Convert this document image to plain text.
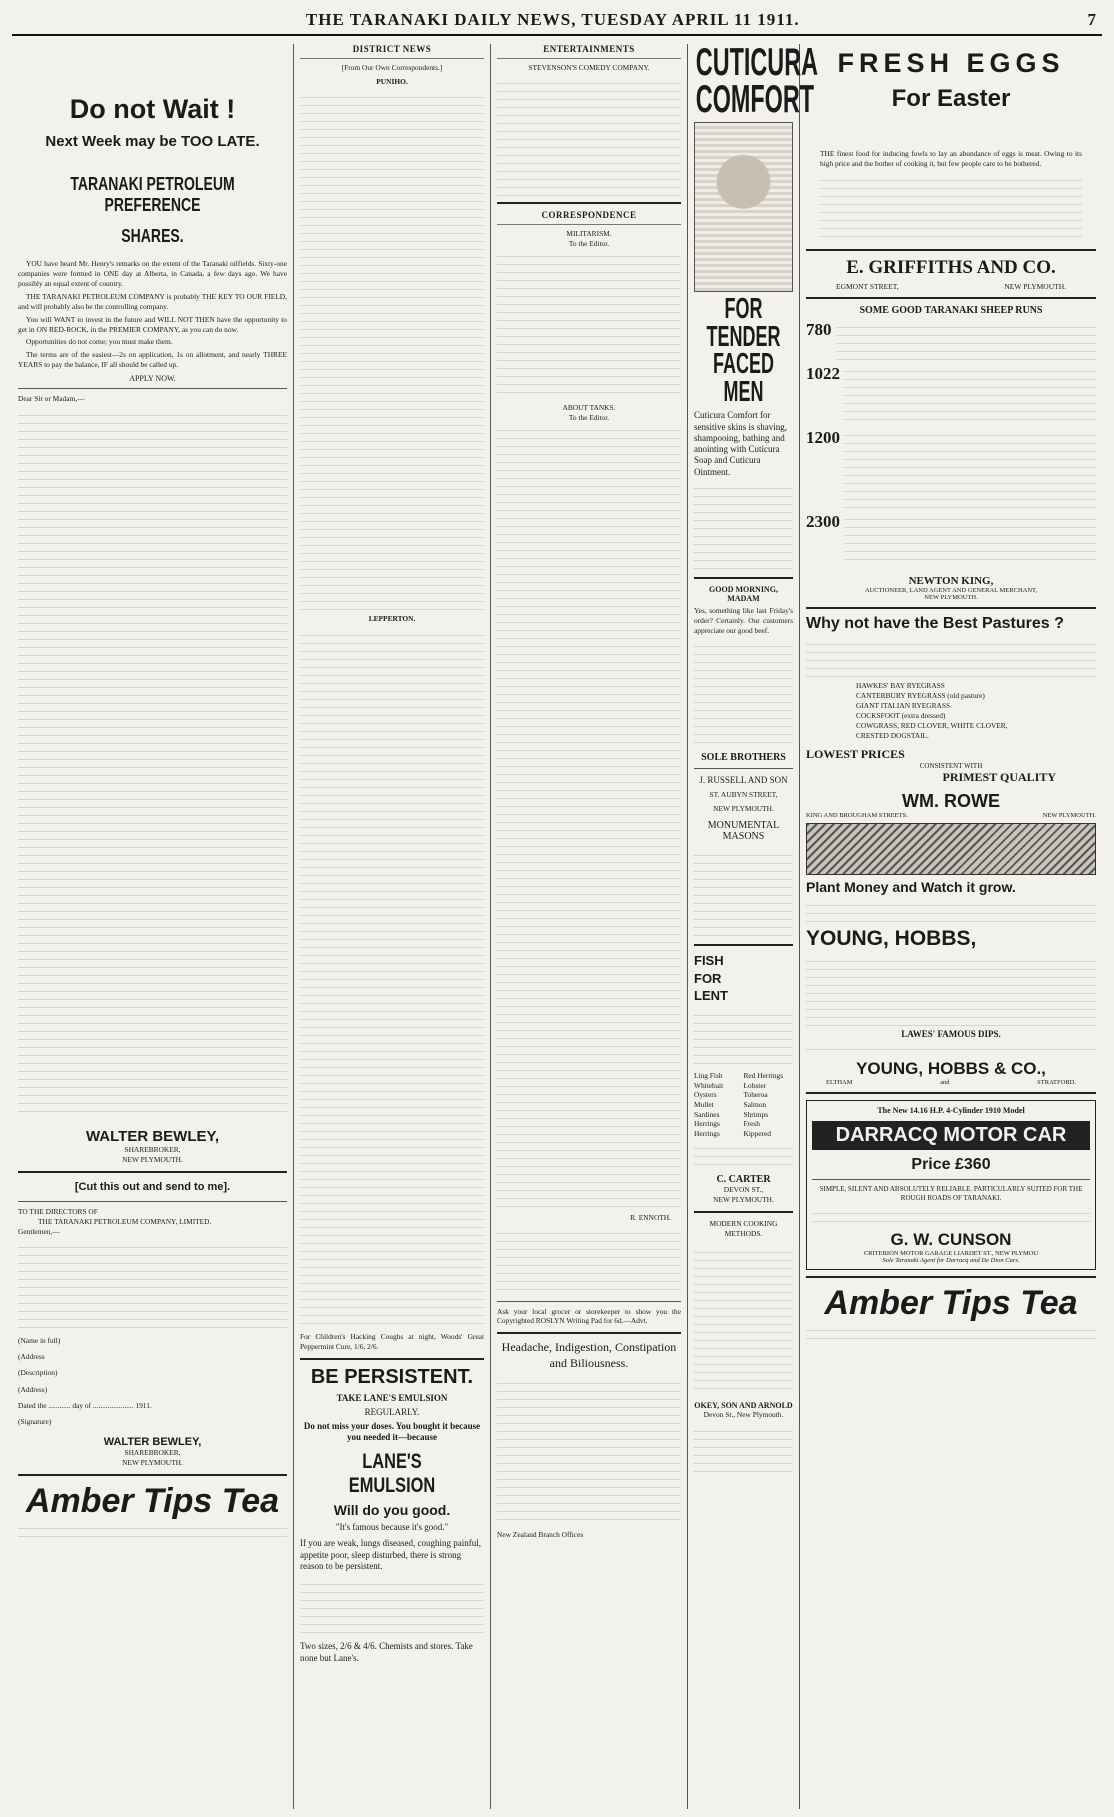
THE TARANAKI DAILY NEWS, TUESDAY APRIL 11 1911.	7
Do not Wait !
Next Week may be TOO LATE.
TARANAKI PETROLEUM PREFERENCE
SHARES.

YOU have heard Mr. Henry's remarks on the extent of the Taranaki oilfields. Sixty-one companies were formed in ONE day at Alberta, in Canada, a few days ago. We have possibly an equal extent of country.

THE TARANAKI PETROLEUM COMPANY is probably THE KEY TO OUR FIELD, and will probably also be the controlling company.

You will WANT to invest in the future and WILL NOT THEN have the opportunity to get in ON RED-ROCK, in the PREMIER COMPANY, as you can do now.

Opportunities do not come; you must make them.

The terms are of the easiest—2s on application, 1s on allotment, and nearly THREE YEARS to pay the balance, IF all should be called up.

APPLY NOW.
Dear Sir or Madam,—
WALTER BEWLEY,
SHAREBROKER,
NEW PLYMOUTH.
[Cut this out and send to me].
TO THE DIRECTORS OF
THE TARANAKI PETROLEUM COMPANY, LIMITED.
Gentlemen,—
(Name in full)
(Address
(Description)
(Address)
Dated the ............ day of ...................... 1911.
(Signature)
WALTER BEWLEY,
SHAREBROKER,
NEW PLYMOUTH.
Amber Tips Tea
DISTRICT NEWS
[From Our Own Correspondents.]
PUNIHO.
LEPPERTON.
For Children's Hacking Coughs at night, Woods' Great Peppermint Cure, 1/6, 2/6.
BE PERSISTENT.
TAKE LANE'S EMULSION
REGULARLY.
Do not miss your doses. You bought it because you needed it—because
LANE'S EMULSION
Will do you good.
"It's famous because it's good."
If you are weak, lungs diseased, coughing painful, appetite poor, sleep disturbed, there is strong reason to be persistent.
Two sizes, 2/6 & 4/6. Chemists and stores. Take none but Lane's.
ENTERTAINMENTS
STEVENSON'S COMEDY COMPANY.
CORRESPONDENCE
MILITARISM.
To the Editor.
ABOUT TANKS.
To the Editor.
R. ENNOTH.
Ask your local grocer or storekeeper to show you the Copyrighted ROSLYN Writing Pad for 6d.—Advt.
Headache, Indigestion, Constipation and Biliousness.
New Zealand Branch Offices
CUTICURA
COMFORT
FOR TENDER
FACED MEN
Cuticura Comfort for sensitive skins is shaving, shampooing, bathing and anointing with Cuticura Soap and Cuticura Ointment.
GOOD MORNING, MADAM
Yes, something like last Friday's order? Certainly. Our customers appreciate our good beef.
SOLE BROTHERS
J. RUSSELL AND SON
ST. AUBYN STREET,
NEW PLYMOUTH.
MONUMENTAL MASONS
FISH
FOR
LENT
Ling Fish	Red Herrings
Whitebait	Lobster
Oysters	Toheroa
Mullet	Salmon
Sardines	Shrimps
Herrings	Fresh
Herrings	Kippered
C. CARTER
DEVON ST.,
NEW PLYMOUTH.
MODERN COOKING METHODS.
OKEY, SON AND ARNOLD
Devon St., New Plymouth.
FRESH EGGS
For Easter
THE finest food for inducing fowls to lay an abundance of eggs is meat. Owing to its high price and the bother of cooking it, but few people care to be bothered.
E. GRIFFITHS AND CO.
EGMONT STREET,	NEW PLYMOUTH.
SOME GOOD TARANAKI SHEEP RUNS
780
1022
1200
2300
NEWTON KING,
AUCTIONEER, LAND AGENT AND GENERAL MERCHANT,
NEW PLYMOUTH.
Why not have the Best Pastures ?
HAWKES' BAY RYEGRASS
CANTERBURY RYEGRASS (old pasture)
GIANT ITALIAN RYEGRASS
COCKSFOOT (extra dressed)
COWGRASS, RED CLOVER, WHITE CLOVER,
CRESTED DOGSTAIL.
LOWEST PRICES
CONSISTENT WITH
PRIMEST QUALITY
WM. ROWE
KING AND BROUGHAM STREETS.	NEW PLYMOUTH.
Plant Money and Watch it grow.
YOUNG, HOBBS,
LAWES' FAMOUS DIPS.
YOUNG, HOBBS & CO.,
ELTHAM	and	STRATFORD.
The New 14.16 H.P. 4-Cylinder 1910 Model
DARRACQ MOTOR CAR
Price £360
SIMPLE, SILENT AND ABSOLUTELY RELIABLE. PARTICULARLY SUITED FOR THE ROUGH ROADS OF TARANAKI.
G. W. CUNSON
CRITERION MOTOR GARAGE LIARDET ST., NEW PLYMOU
Sole Taranaki Agent for Darracq and De Dion Cars.
Amber Tips Tea
